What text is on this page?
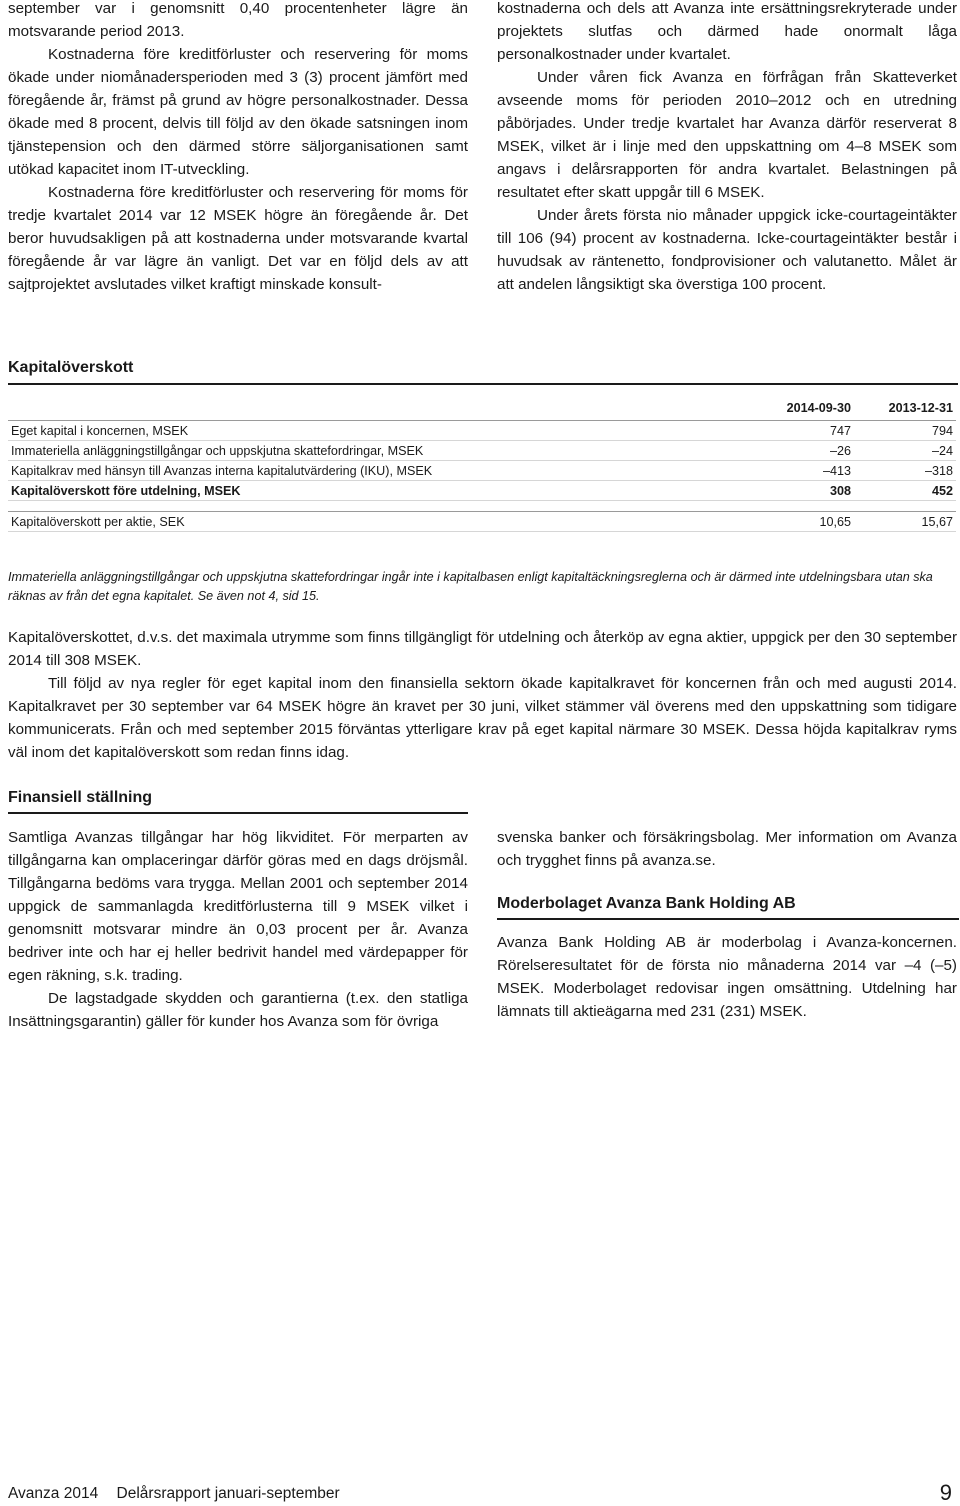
september var i genomsnitt 0,40 procentenheter lägre än motsvarande period 2013.

Kostnaderna före kreditförluster och reservering för moms ökade under niomånadersperioden med 3 (3) procent jämfört med föregående år, främst på grund av högre personalkostnader. Dessa ökade med 8 procent, delvis till följd av den ökade satsningen inom tjänstepension och den därmed större säljorganisationen samt utökad kapacitet inom IT-utveckling.

Kostnaderna före kreditförluster och reservering för moms för tredje kvartalet 2014 var 12 MSEK högre än föregående år. Det beror huvudsakligen på att kostnaderna under motsvarande kvartal föregående år var lägre än vanligt. Det var en följd dels av att sajtprojektet avslutades vilket kraftigt minskade konsult-

kostnaderna och dels att Avanza inte ersättningsrekryterade under projektets slutfas och därmed hade onormalt låga personalkostnader under kvartalet.

Under våren fick Avanza en förfrågan från Skatteverket avseende moms för perioden 2010–2012 och en utredning påbörjades. Under tredje kvartalet har Avanza därför reserverat 8 MSEK, vilket är i linje med den uppskattning om 4–8 MSEK som angavs i delårsrapporten för andra kvartalet. Belastningen på resultatet efter skatt uppgår till 6 MSEK.

Under årets första nio månader uppgick icke-courtageintäkter till 106 (94) procent av kostnaderna. Icke-courtageintäkter består i huvudsak av räntenetto, fondprovisioner och valutanetto. Målet är att andelen långsiktigt ska överstiga 100 procent.

Kapitalöverskott
	2014-09-30	2013-12-31
Eget kapital i koncernen, MSEK	747	794
Immateriella anläggningstillgångar och uppskjutna skattefordringar, MSEK	–26	–24
Kapitalkrav med hänsyn till Avanzas interna kapitalutvärdering (IKU), MSEK	–413	–318
Kapitalöverskott före utdelning, MSEK	308	452

Kapitalöverskott per aktie, SEK	10,65	15,67
Immateriella anläggningstillgångar och uppskjutna skattefordringar ingår inte i kapitalbasen enligt kapitaltäckningsreglerna och är därmed inte utdelningsbara utan ska räknas av från det egna kapitalet. Se även not 4, sid 15.

Kapitalöverskottet, d.v.s. det maximala utrymme som finns tillgängligt för utdelning och återköp av egna aktier, uppgick per den 30 september 2014 till 308 MSEK.

Till följd av nya regler för eget kapital inom den finansiella sektorn ökade kapitalkravet för koncernen från och med augusti 2014. Kapitalkravet per 30 september var 64 MSEK högre än kravet per 30 juni, vilket stämmer väl överens med den uppskattning som tidigare kommunicerats. Från och med september 2015 förväntas ytterligare krav på eget kapital närmare 30 MSEK. Dessa höjda kapitalkrav ryms väl inom det kapitalöverskott som redan finns idag.

Finansiell ställning

Samtliga Avanzas tillgångar har hög likviditet. För merparten av tillgångarna kan omplaceringar därför göras med en dags dröjsmål. Tillgångarna bedöms vara trygga. Mellan 2001 och september 2014 uppgick de sammanlagda kreditförlusterna till 9 MSEK vilket i genomsnitt motsvarar mindre än 0,03 procent per år. Avanza bedriver inte och har ej heller bedrivit handel med värdepapper för egen räkning, s.k. trading.

De lagstadgade skydden och garantierna (t.ex. den statliga Insättningsgarantin) gäller för kunder hos Avanza som för övriga

svenska banker och försäkringsbolag. Mer information om Avanza och trygghet finns på avanza.se.

Moderbolaget Avanza Bank Holding AB

Avanza Bank Holding AB är moderbolag i Avanza-koncernen. Rörelseresultatet för de första nio månaderna 2014 var –4 (–5) MSEK. Moderbolaget redovisar ingen omsättning. Utdelning har lämnats till aktieägarna med 231 (231) MSEK.

Avanza 2014 Delårsrapport januari-september	9
